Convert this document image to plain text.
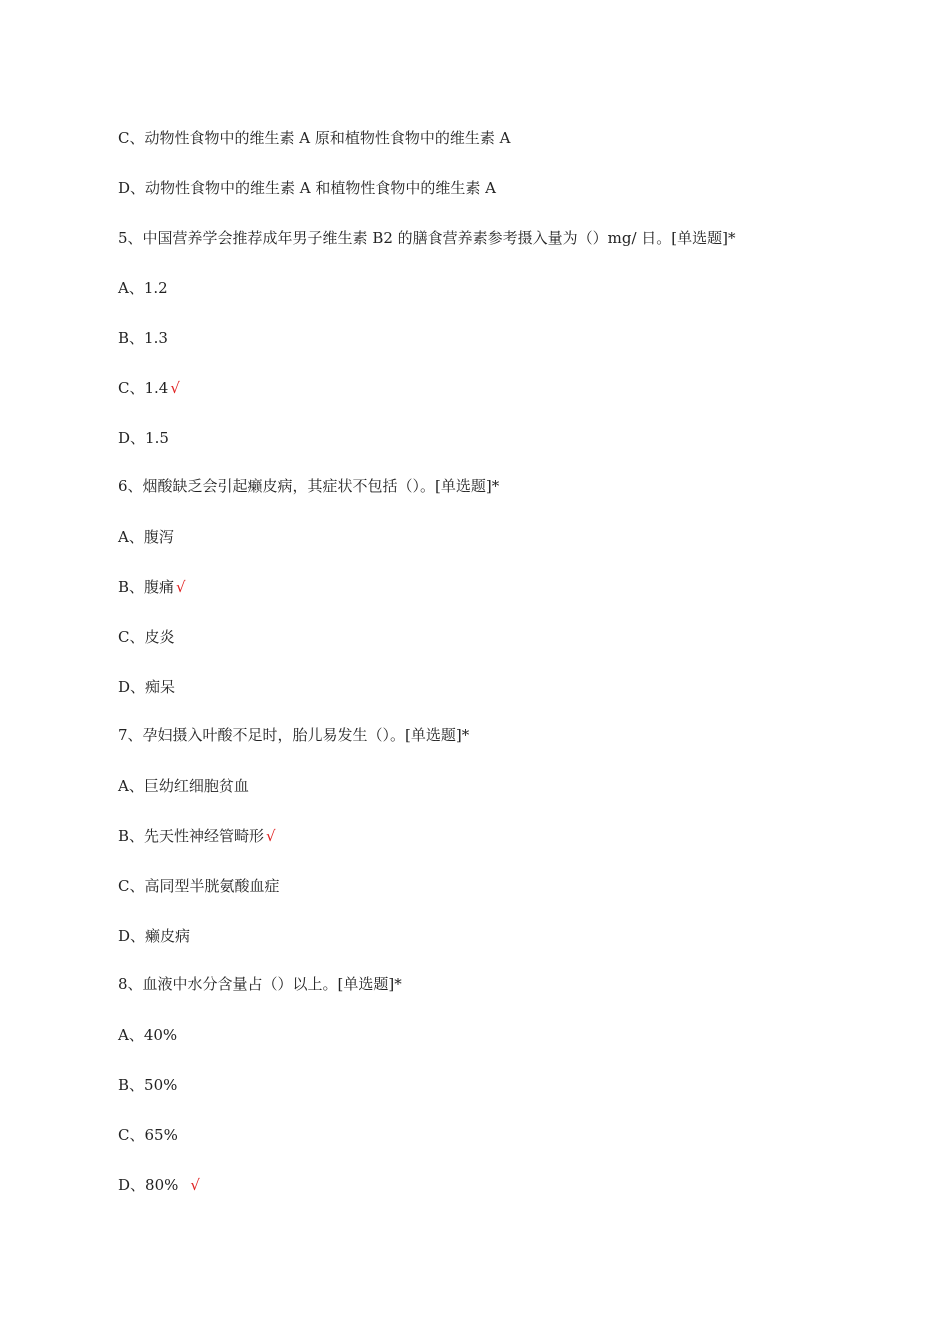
C、动物性食物中的维生素 A 原和植物性食物中的维生素 A
D、动物性食物中的维生素 A 和植物性食物中的维生素 A
5、中国营养学会推荐成年男子维生素 B2 的膳食营养素参考摄入量为（）mg/ 日。[单选题]*
A、1.2
B、1.3
C、1.4 √
D、1.5
6、烟酸缺乏会引起癞皮病，其症状不包括（）。[单选题]*
A、腹泻
B、腹痛 √
C、皮炎
D、痴呆
7、孕妇摄入叶酸不足时，胎儿易发生（）。[单选题]*
A、巨幼红细胞贫血
B、先天性神经管畸形 √
C、高同型半胱氨酸血症
D、癞皮病
8、血液中水分含量占（）以上。[单选题]*
A、40%
B、50%
C、65%
D、80% √
